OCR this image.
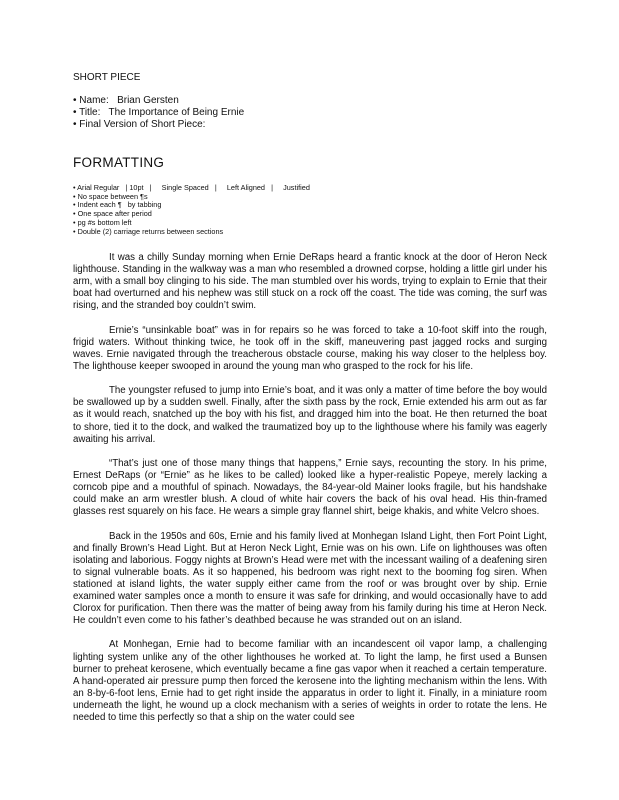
SHORT PIECE
• Name:   Brian Gersten
• Title:   The Importance of Being Ernie
• Final Version of Short Piece:
FORMATTING
• Arial Regular   | 10pt   |     Single Spaced   |     Left Aligned   |     Justified
• No space between ¶s
• Indent each ¶   by tabbing
• One space after period
• pg #s bottom left
• Double (2) carriage returns between sections

It was a chilly Sunday morning when Ernie DeRaps heard a frantic knock at the door of Heron Neck lighthouse. Standing in the walkway was a man who resembled a drowned corpse, holding a little girl under his arm, with a small boy clinging to his side. The man stumbled over his words, trying to explain to Ernie that their boat had overturned and his nephew was still stuck on a rock off the coast. The tide was coming, the surf was rising, and the stranded boy couldn’t swim.

Ernie’s “unsinkable boat” was in for repairs so he was forced to take a 10-foot skiff into the rough, frigid waters. Without thinking twice, he took off in the skiff, maneuvering past jagged rocks and surging waves. Ernie navigated through the treacherous obstacle course, making his way closer to the helpless boy. The lighthouse keeper swooped in around the young man who grasped to the rock for his life.

The youngster refused to jump into Ernie’s boat, and it was only a matter of time before the boy would be swallowed up by a sudden swell. Finally, after the sixth pass by the rock, Ernie extended his arm out as far as it would reach, snatched up the boy with his fist, and dragged him into the boat. He then returned the boat to shore, tied it to the dock, and walked the traumatized boy up to the lighthouse where his family was eagerly awaiting his arrival.

“That’s just one of those many things that happens,” Ernie says, recounting the story. In his prime, Ernest DeRaps (or “Ernie” as he likes to be called) looked like a hyper-realistic Popeye, merely lacking a corncob pipe and a mouthful of spinach. Nowadays, the 84-year-old Mainer looks fragile, but his handshake could make an arm wrestler blush. A cloud of white hair covers the back of his oval head. His thin-framed glasses rest squarely on his face. He wears a simple gray flannel shirt, beige khakis, and white Velcro shoes.

Back in the 1950s and 60s, Ernie and his family lived at Monhegan Island Light, then Fort Point Light, and finally Brown’s Head Light. But at Heron Neck Light, Ernie was on his own. Life on lighthouses was often isolating and laborious. Foggy nights at Brown’s Head were met with the incessant wailing of a deafening siren to signal vulnerable boats. As it so happened, his bedroom was right next to the booming fog siren. When stationed at island lights, the water supply either came from the roof or was brought over by ship. Ernie examined water samples once a month to ensure it was safe for drinking, and would occasionally have to add Clorox for purification. Then there was the matter of being away from his family during his time at Heron Neck. He couldn’t even come to his father’s deathbed because he was stranded out on an island.

At Monhegan, Ernie had to become familiar with an incandescent oil vapor lamp, a challenging lighting system unlike any of the other lighthouses he worked at. To light the lamp, he first used a Bunsen burner to preheat kerosene, which eventually became a fine gas vapor when it reached a certain temperature. A hand-operated air pressure pump then forced the kerosene into the lighting mechanism within the lens. With an 8-by-6-foot lens, Ernie had to get right inside the apparatus in order to light it. Finally, in a miniature room underneath the light, he wound up a clock mechanism with a series of weights in order to rotate the lens. He needed to time this perfectly so that a ship on the water could see
